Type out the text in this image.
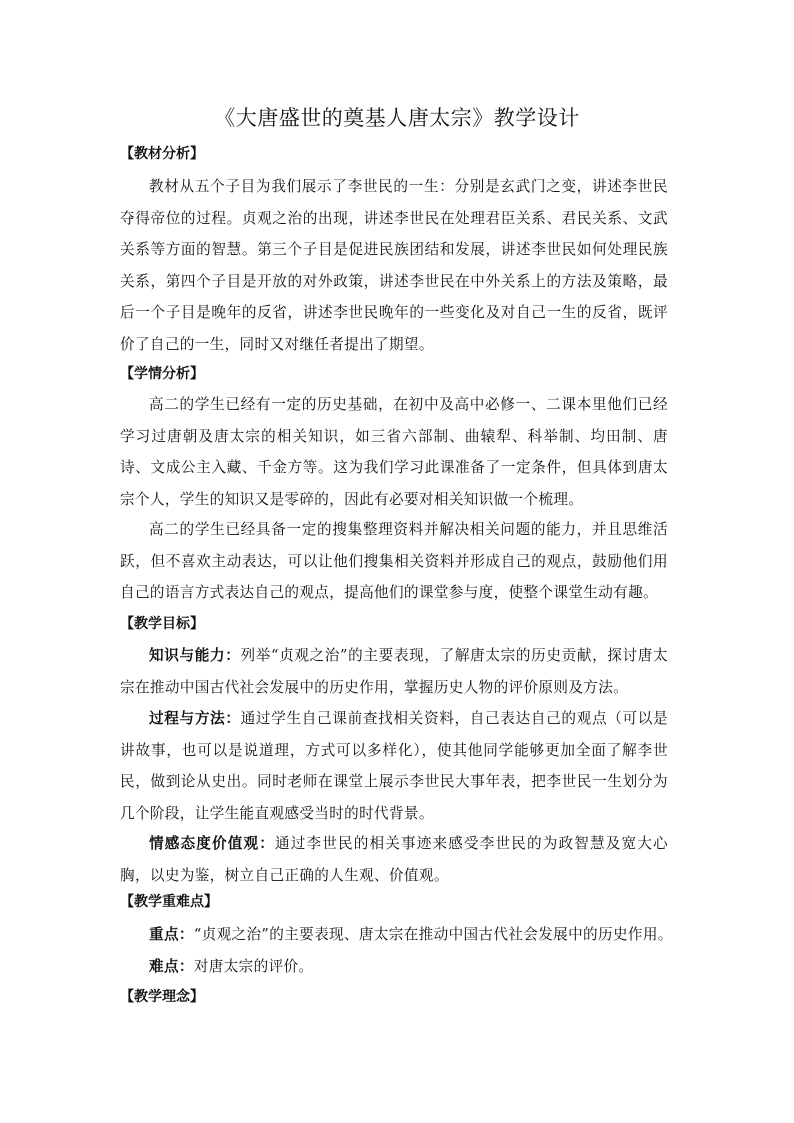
《大唐盛世的奠基人唐太宗》教学设计
【教材分析】

教材从五个子目为我们展示了李世民的一生：分别是玄武门之变，讲述李世民夺得帝位的过程。贞观之治的出现，讲述李世民在处理君臣关系、君民关系、文武关系等方面的智慧。第三个子目是促进民族团结和发展，讲述李世民如何处理民族关系，第四个子目是开放的对外政策，讲述李世民在中外关系上的方法及策略，最后一个子目是晚年的反省，讲述李世民晚年的一些变化及对自己一生的反省，既评价了自己的一生，同时又对继任者提出了期望。

【学情分析】

高二的学生已经有一定的历史基础，在初中及高中必修一、二课本里他们已经学习过唐朝及唐太宗的相关知识，如三省六部制、曲辕犁、科举制、均田制、唐诗、文成公主入藏、千金方等。这为我们学习此课准备了一定条件，但具体到唐太宗个人，学生的知识又是零碎的，因此有必要对相关知识做一个梳理。

高二的学生已经具备一定的搜集整理资料并解决相关问题的能力，并且思维活跃，但不喜欢主动表达，可以让他们搜集相关资料并形成自己的观点，鼓励他们用自己的语言方式表达自己的观点，提高他们的课堂参与度，使整个课堂生动有趣。

【教学目标】

知识与能力：列举“贞观之治”的主要表现，了解唐太宗的历史贡献，探讨唐太宗在推动中国古代社会发展中的历史作用，掌握历史人物的评价原则及方法。

过程与方法：通过学生自己课前查找相关资料，自己表达自己的观点（可以是讲故事，也可以是说道理，方式可以多样化），使其他同学能够更加全面了解李世民，做到论从史出。同时老师在课堂上展示李世民大事年表，把李世民一生划分为几个阶段，让学生能直观感受当时的时代背景。

情感态度价值观：通过李世民的相关事迹来感受李世民的为政智慧及宽大心胸，以史为鉴，树立自己正确的人生观、价值观。

【教学重难点】
重点：“贞观之治”的主要表现、唐太宗在推动中国古代社会发展中的历史作用。
难点：对唐太宗的评价。
【教学理念】
